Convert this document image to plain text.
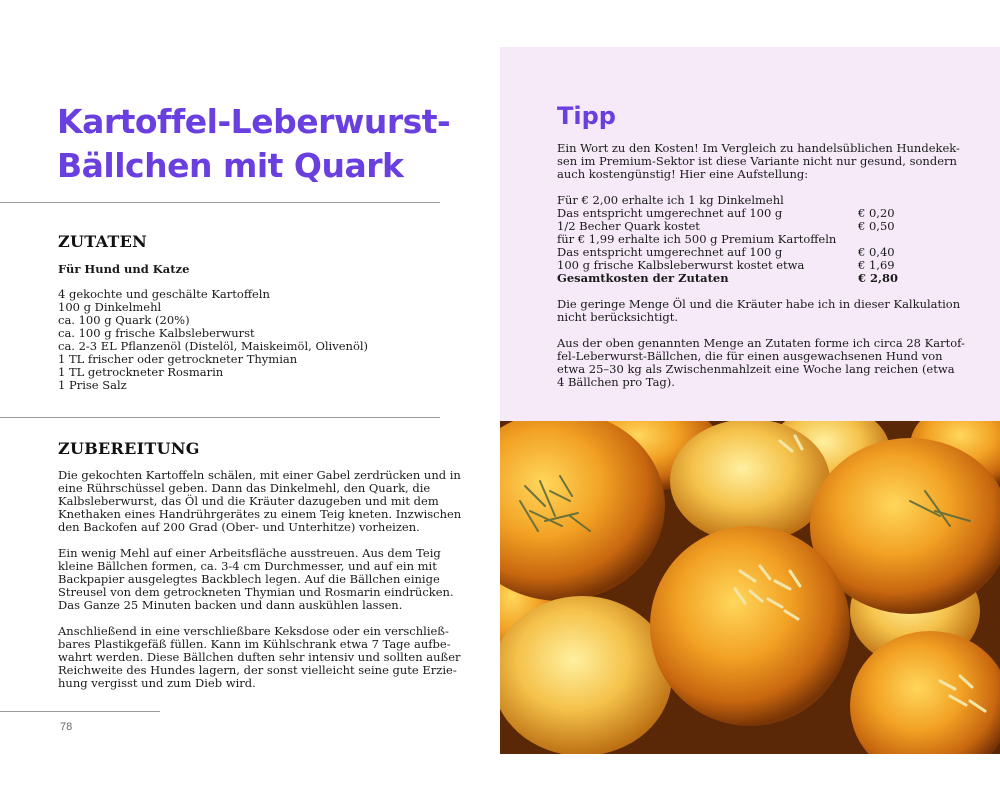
Kartoffel-Leberwurst-
Bällchen mit Quark
ZUTATEN

Für Hund und Katze

4 gekochte und geschälte Kartoffeln
100 g Dinkelmehl
ca. 100 g Quark (20%)
ca. 100 g frische Kalbsleberwurst
ca. 2-3 EL Pflanzenöl (Distelöl, Maiskeimöl, Olivenöl)
1 TL frischer oder getrockneter Thymian
1 TL getrockneter Rosmarin
1 Prise Salz
ZUBEREITUNG

Die gekochten Kartoffeln schälen, mit einer Gabel zerdrücken und in
eine Rührschüssel geben. Dann das Dinkelmehl, den Quark, die
Kalbsleberwurst, das Öl und die Kräuter dazugeben und mit dem
Knethaken eines Handrührgerätes zu einem Teig kneten. Inzwischen
den Backofen auf 200 Grad (Ober- und Unterhitze) vorheizen.

Ein wenig Mehl auf einer Arbeitsfläche ausstreuen. Aus dem Teig
kleine Bällchen formen, ca. 3-4 cm Durchmesser, und auf ein mit
Backpapier ausgelegtes Backblech legen. Auf die Bällchen einige
Streusel von dem getrockneten Thymian und Rosmarin eindrücken.
Das Ganze 25 Minuten backen und dann auskühlen lassen.

Anschließend in eine verschließbare Keksdose oder ein verschließ-
bares Plastikgefäß füllen. Kann im Kühlschrank etwa 7 Tage aufbe-
wahrt werden. Diese Bällchen duften sehr intensiv und sollten außer
Reichweite des Hundes lagern, der sonst vielleicht seine gute Erzie-
hung vergisst und zum Dieb wird.

78
Tipp

Ein Wort zu den Kosten! Im Vergleich zu handelsüblichen Hundekek-
sen im Premium-Sektor ist diese Variante nicht nur gesund, sondern
auch kostengünstig! Hier eine Aufstellung:

Für € 2,00 erhalte ich 1 kg Dinkelmehl
Das entspricht umgerechnet auf 100 g	€ 0,20
1/2 Becher Quark kostet	€ 0,50
für € 1,99 erhalte ich 500 g Premium Kartoffeln
Das entspricht umgerechnet auf 100 g	€ 0,40
100 g frische Kalbsleberwurst kostet etwa	€ 1,69
Gesamtkosten der Zutaten	€ 2,80

Die geringe Menge Öl und die Kräuter habe ich in dieser Kalkulation
nicht berücksichtigt.

Aus der oben genannten Menge an Zutaten forme ich circa 28 Kartof-
fel-Leberwurst-Bällchen, die für einen ausgewachsenen Hund von
etwa 25–30 kg als Zwischenmahlzeit eine Woche lang reichen (etwa
4 Bällchen pro Tag).
